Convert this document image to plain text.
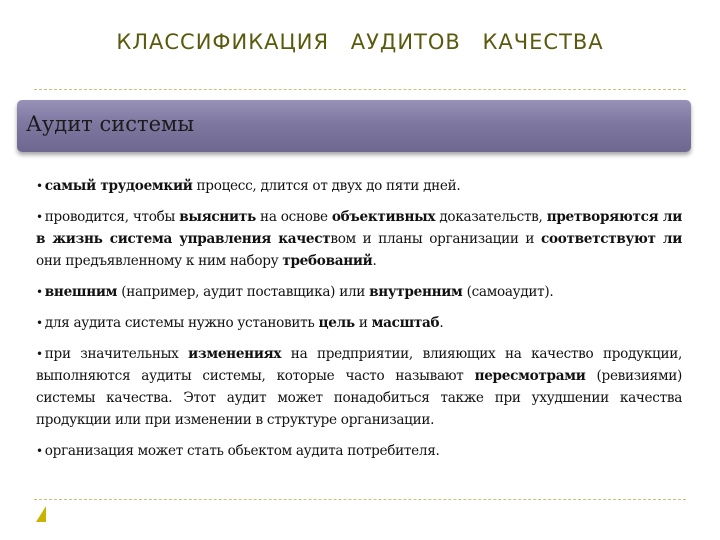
КЛАССИФИКАЦИЯ АУДИТОВ КАЧЕСТВА
Аудит системы
• самый трудоемкий процесс, длится от двух до пяти дней.
• проводится, чтобы выяснить на основе объективных доказательств, претворяются ли в жизнь система управления качеством и планы организации и соответствуют ли они предъявленному к ним набору требований.
• внешним (например, аудит поставщика) или внутренним (самоаудит).
• для аудита системы нужно установить цель и масштаб.
• при значительных изменениях на предприятии, влияющих на качество продукции, выполняются аудиты системы, которые часто называют пересмотрами (ревизиями) системы качества. Этот аудит может понадобиться также при ухудшении качества продукции или при изменении в структуре организации.
• организация может стать обьектом аудита потребителя.
